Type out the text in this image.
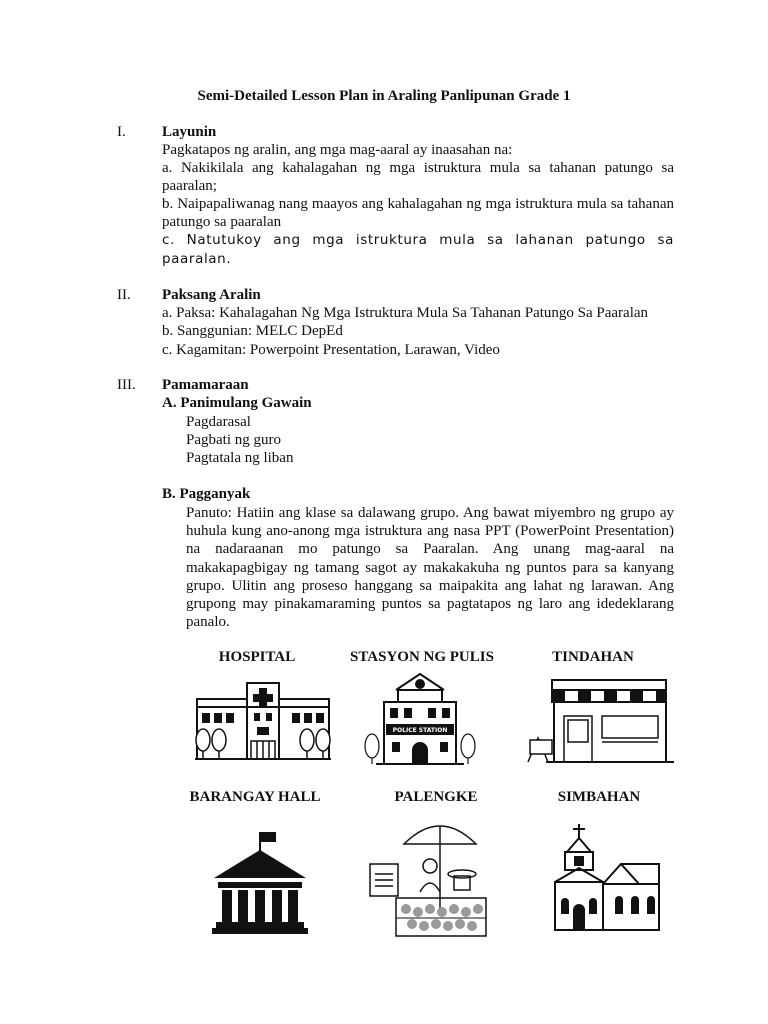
Semi-Detailed Lesson Plan in Araling Panlipunan Grade 1
I. Layunin
Pagkatapos ng aralin, ang mga mag-aaral ay inaasahan na:
a. Nakikilala ang kahalagahan ng mga istruktura mula sa tahanan patungo sa paaralan;
b. Naipapaliwanag nang maayos ang kahalagahan ng mga istruktura mula sa tahanan patungo sa paaralan
c. Natutukoy ang mga istruktura mula sa lahanan patungo sa paaralan.
II. Paksang Aralin
a. Paksa: Kahalagahan Ng Mga Istruktura Mula Sa Tahanan Patungo Sa Paaralan
b. Sanggunian: MELC DepEd
c. Kagamitan: Powerpoint Presentation, Larawan, Video
III. Pamamaraan
A. Panimulang Gawain
Pagdarasal
Pagbati ng guro
Pagtatala ng liban
B. Pagganyak
Panuto: Hatiin ang klase sa dalawang grupo. Ang bawat miyembro ng grupo ay huhula kung ano-anong mga istruktura ang nasa PPT (PowerPoint Presentation) na nadaraanan mo patungo sa Paaralan. Ang unang mag-aaral na makakapagbigay ng tamang sagot ay makakakuha ng puntos para sa kanyang grupo. Ulitin ang proseso hanggang sa maipakita ang lahat ng larawan. Ang grupong may pinakamaraming puntos sa pagtatapos ng laro ang idedeklarang panalo.
HOSPITAL	STASYON NG PULIS	TINDAHAN
BARANGAY HALL	PALENGKE	SIMBAHAN
POLICE STATION
